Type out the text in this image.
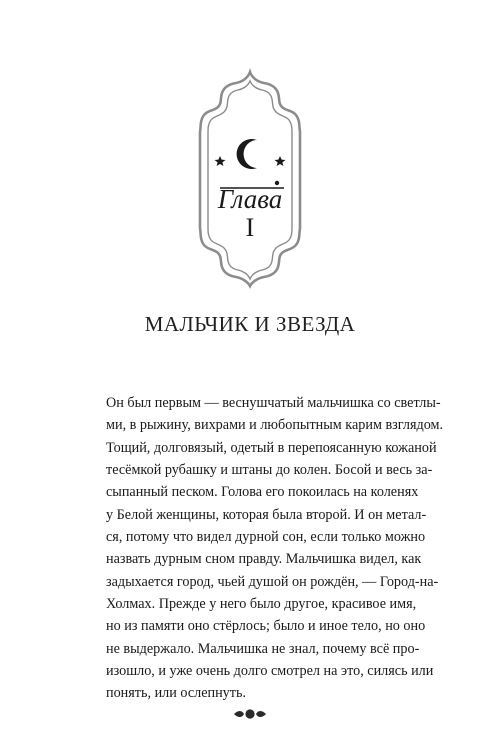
Глава
I
МАЛЬЧИК И ЗВЕЗДА
Он был первым — веснушчатый мальчишка со светлы-
ми, в рыжину, вихрами и любопытным карим взглядом.
Тощий, долговязый, одетый в перепоясанную кожаной
тесёмкой рубашку и штаны до колен. Босой и весь за-
сыпанный песком. Голова его покоилась на коленях
у Белой женщины, которая была второй. И он метал-
ся, потому что видел дурной сон, если только можно
назвать дурным сном правду. Мальчишка видел, как
задыхается город, чьей душой он рождён, — Город-на-
Холмах. Прежде у него было другое, красивое имя,
но из памяти оно стёрлось; было и иное тело, но оно
не выдержало. Мальчишка не знал, почему всё про-
изошло, и уже очень долго смотрел на это, силясь или
понять, или ослепнуть.
